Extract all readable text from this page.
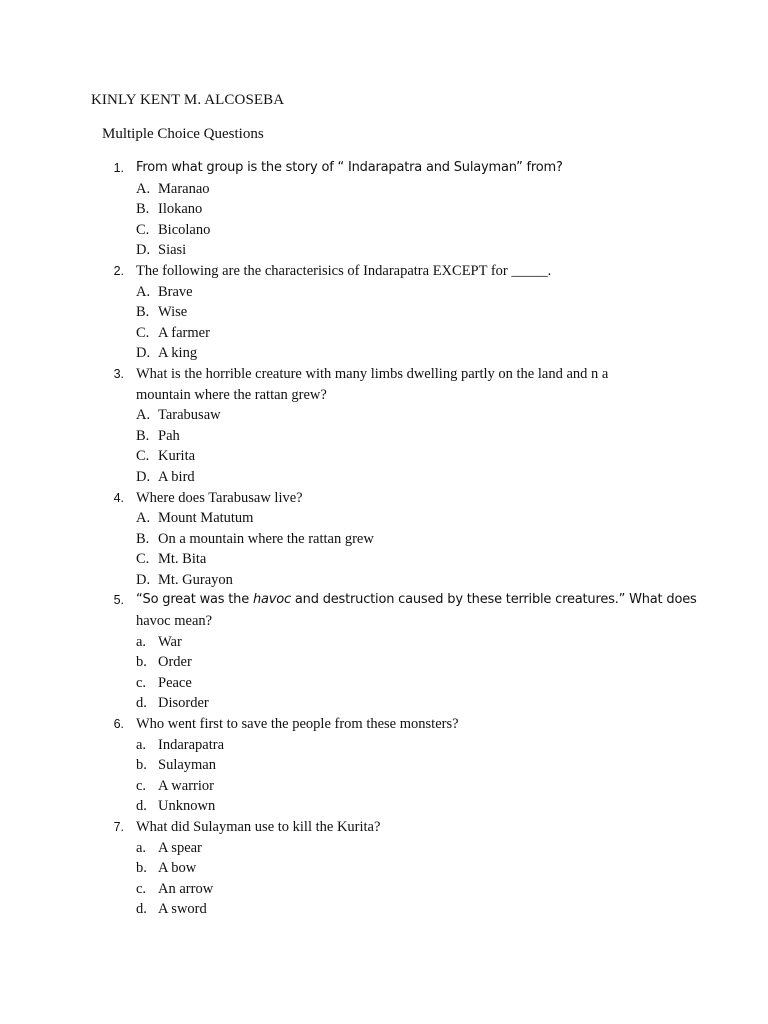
KINLY KENT M. ALCOSEBA
Multiple Choice Questions
1. From what group is the story of “ Indarapatra and Sulayman” from?
A. Maranao
B. Ilokano
C. Bicolano
D. Siasi
2. The following are the characterisics of Indarapatra EXCEPT for _____.
A. Brave
B. Wise
C. A farmer
D. A king
3. What is the horrible creature with many limbs dwelling partly on the land and n a
mountain where the rattan grew?
A. Tarabusaw
B. Pah
C. Kurita
D. A bird
4. Where does Tarabusaw live?
A. Mount Matutum
B. On a mountain where the rattan grew
C. Mt. Bita
D. Mt. Gurayon
5. “So great was the havoc and destruction caused by these terrible creatures.” What does
havoc mean?
a. War
b. Order
c. Peace
d. Disorder
6. Who went first to save the people from these monsters?
a. Indarapatra
b. Sulayman
c. A warrior
d. Unknown
7. What did Sulayman use to kill the Kurita?
a. A spear
b. A bow
c. An arrow
d. A sword
